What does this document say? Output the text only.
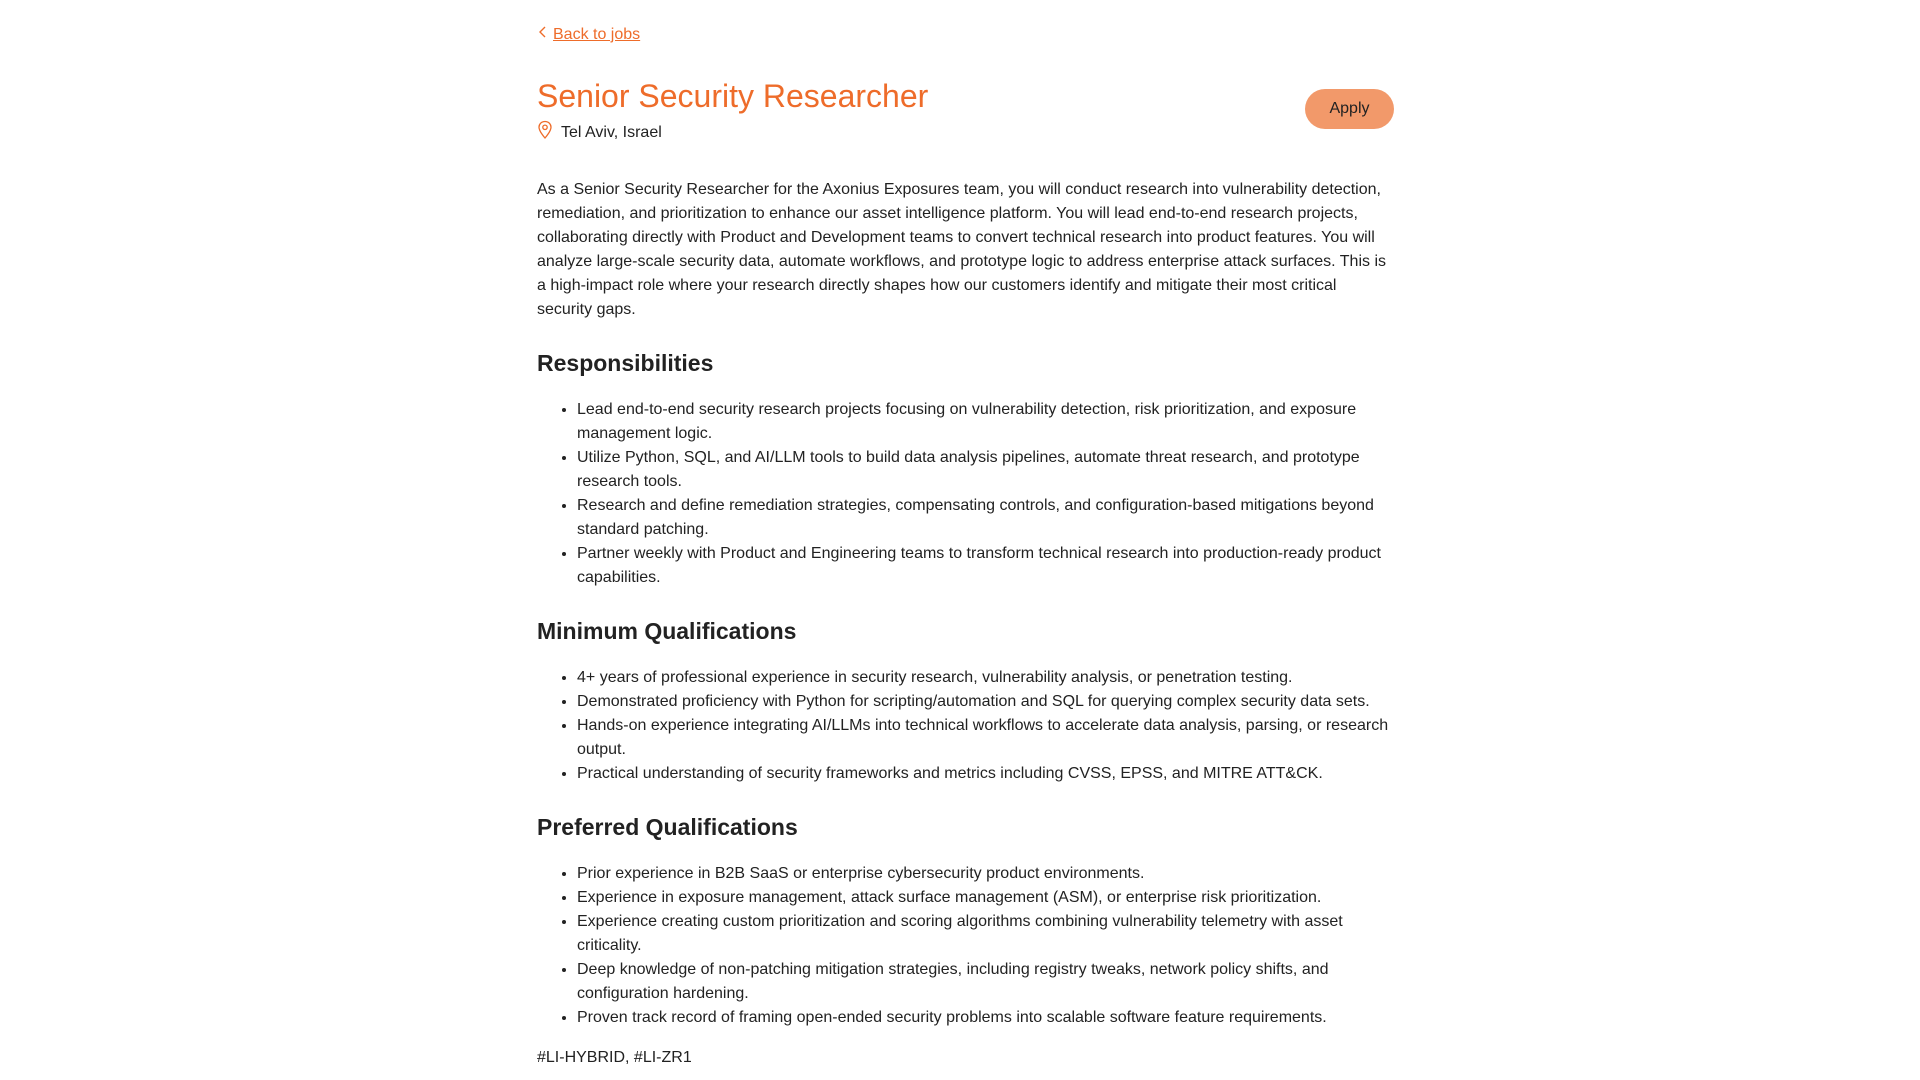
Back to jobs
Senior Security Researcher
Tel Aviv, Israel
Apply

As a Senior Security Researcher for the Axonius Exposures team, you will conduct research into vulnerability detection, remediation, and prioritization to enhance our asset intelligence platform. You will lead end-to-end research projects, collaborating directly with Product and Development teams to convert technical research into product features. You will analyze large-scale security data, automate workflows, and prototype logic to address enterprise attack surfaces. This is a high-impact role where your research directly shapes how our customers identify and mitigate their most critical security gaps.

Responsibilities
• Lead end-to-end security research projects focusing on vulnerability detection, risk prioritization, and exposure management logic.
• Utilize Python, SQL, and AI/LLM tools to build data analysis pipelines, automate threat research, and prototype research tools.
• Research and define remediation strategies, compensating controls, and configuration-based mitigations beyond standard patching.
• Partner weekly with Product and Engineering teams to transform technical research into production-ready product capabilities.
Minimum Qualifications
• 4+ years of professional experience in security research, vulnerability analysis, or penetration testing.
• Demonstrated proficiency with Python for scripting/automation and SQL for querying complex security data sets.
• Hands-on experience integrating AI/LLMs into technical workflows to accelerate data analysis, parsing, or research output.
• Practical understanding of security frameworks and metrics including CVSS, EPSS, and MITRE ATT&CK.
Preferred Qualifications
• Prior experience in B2B SaaS or enterprise cybersecurity product environments.
• Experience in exposure management, attack surface management (ASM), or enterprise risk prioritization.
• Experience creating custom prioritization and scoring algorithms combining vulnerability telemetry with asset criticality.
• Deep knowledge of non-patching mitigation strategies, including registry tweaks, network policy shifts, and configuration hardening.
• Proven track record of framing open-ended security problems into scalable software feature requirements.
#LI-HYBRID, #LI-ZR1
